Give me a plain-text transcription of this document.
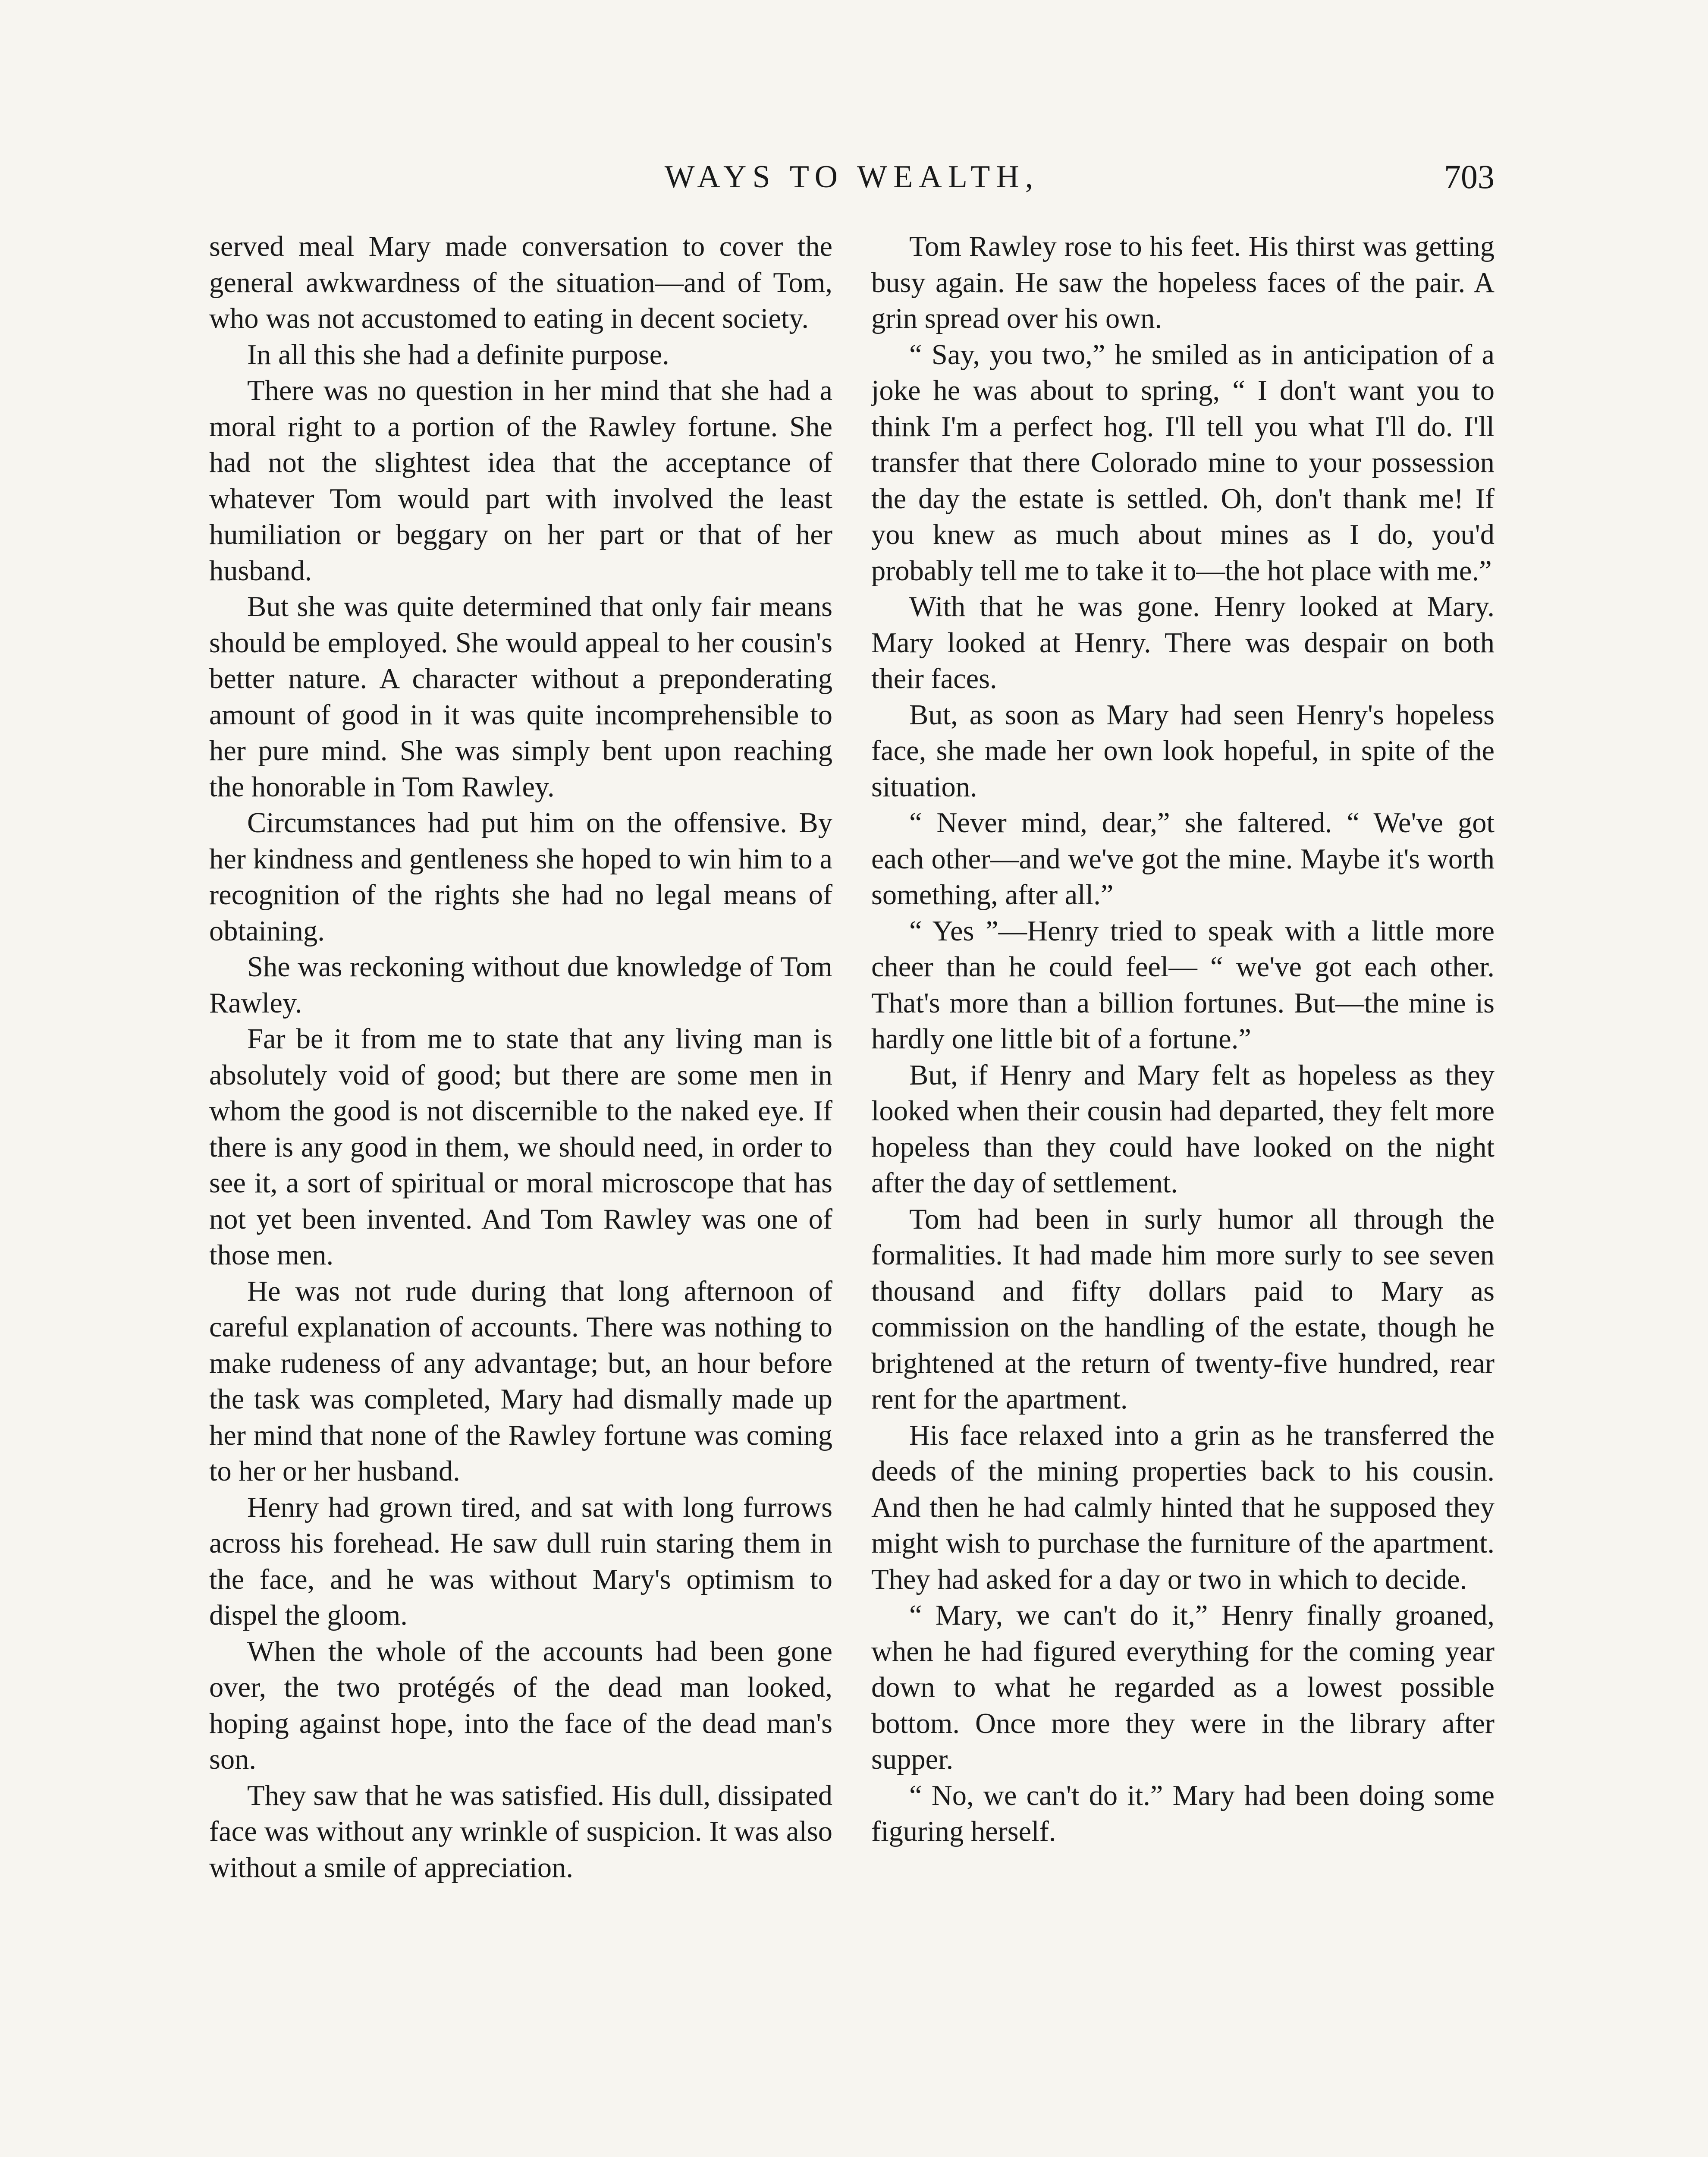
WAYS TO WEALTH,	703

served meal Mary made conversation to cover the general awkwardness of the situation—and of Tom, who was not accustomed to eating in decent society.

In all this she had a definite purpose.

There was no question in her mind that she had a moral right to a portion of the Rawley fortune. She had not the slightest idea that the acceptance of whatever Tom would part with involved the least humiliation or beggary on her part or that of her husband.

But she was quite determined that only fair means should be employed. She would appeal to her cousin's better nature. A character without a preponderating amount of good in it was quite incomprehensible to her pure mind. She was simply bent upon reaching the honorable in Tom Rawley.

Circumstances had put him on the offensive. By her kindness and gentleness she hoped to win him to a recognition of the rights she had no legal means of obtaining.

She was reckoning without due knowledge of Tom Rawley.

Far be it from me to state that any living man is absolutely void of good; but there are some men in whom the good is not discernible to the naked eye. If there is any good in them, we should need, in order to see it, a sort of spiritual or moral microscope that has not yet been invented. And Tom Rawley was one of those men.

He was not rude during that long afternoon of careful explanation of accounts. There was nothing to make rudeness of any advantage; but, an hour before the task was completed, Mary had dismally made up her mind that none of the Rawley fortune was coming to her or her husband.

Henry had grown tired, and sat with long furrows across his forehead. He saw dull ruin staring them in the face, and he was without Mary's optimism to dispel the gloom.

When the whole of the accounts had been gone over, the two protégés of the dead man looked, hoping against hope, into the face of the dead man's son.

They saw that he was satisfied. His dull, dissipated face was without any wrinkle of suspicion. It was also without a smile of appreciation.

Tom Rawley rose to his feet. His thirst was getting busy again. He saw the hopeless faces of the pair. A grin spread over his own.

“ Say, you two,” he smiled as in anticipation of a joke he was about to spring, “ I don't want you to think I'm a perfect hog. I'll tell you what I'll do. I'll transfer that there Colorado mine to your possession the day the estate is settled. Oh, don't thank me! If you knew as much about mines as I do, you'd probably tell me to take it to—the hot place with me.”

With that he was gone. Henry looked at Mary. Mary looked at Henry. There was despair on both their faces.

But, as soon as Mary had seen Henry's hopeless face, she made her own look hopeful, in spite of the situation.

“ Never mind, dear,” she faltered. “ We've got each other—and we've got the mine. Maybe it's worth something, after all.”

“ Yes ”—Henry tried to speak with a little more cheer than he could feel— “ we've got each other. That's more than a billion fortunes. But—the mine is hardly one little bit of a fortune.”

But, if Henry and Mary felt as hopeless as they looked when their cousin had departed, they felt more hopeless than they could have looked on the night after the day of settlement.

Tom had been in surly humor all through the formalities. It had made him more surly to see seven thousand and fifty dollars paid to Mary as commission on the handling of the estate, though he brightened at the return of twenty-five hundred, rear rent for the apartment.

His face relaxed into a grin as he transferred the deeds of the mining properties back to his cousin. And then he had calmly hinted that he supposed they might wish to purchase the furniture of the apartment. They had asked for a day or two in which to decide.

“ Mary, we can't do it,” Henry finally groaned, when he had figured everything for the coming year down to what he regarded as a lowest possible bottom. Once more they were in the library after supper.

“ No, we can't do it.” Mary had been doing some figuring herself.
